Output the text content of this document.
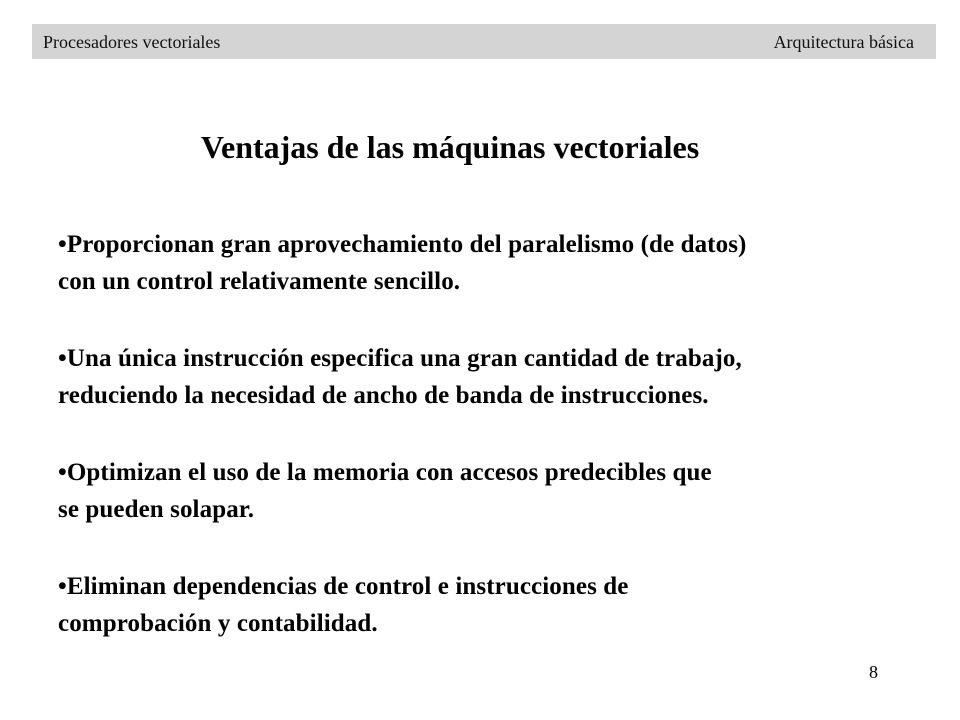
Procesadores vectoriales	Arquitectura básica
Ventajas de las máquinas vectoriales
•Proporcionan gran aprovechamiento del paralelismo (de datos)
con un control relativamente sencillo.
•Una única instrucción especifica una gran cantidad de trabajo,
reduciendo la necesidad de ancho de banda de instrucciones.
•Optimizan el uso de la memoria con accesos predecibles que
se pueden solapar.
•Eliminan dependencias de control e instrucciones de
comprobación y contabilidad.
8
